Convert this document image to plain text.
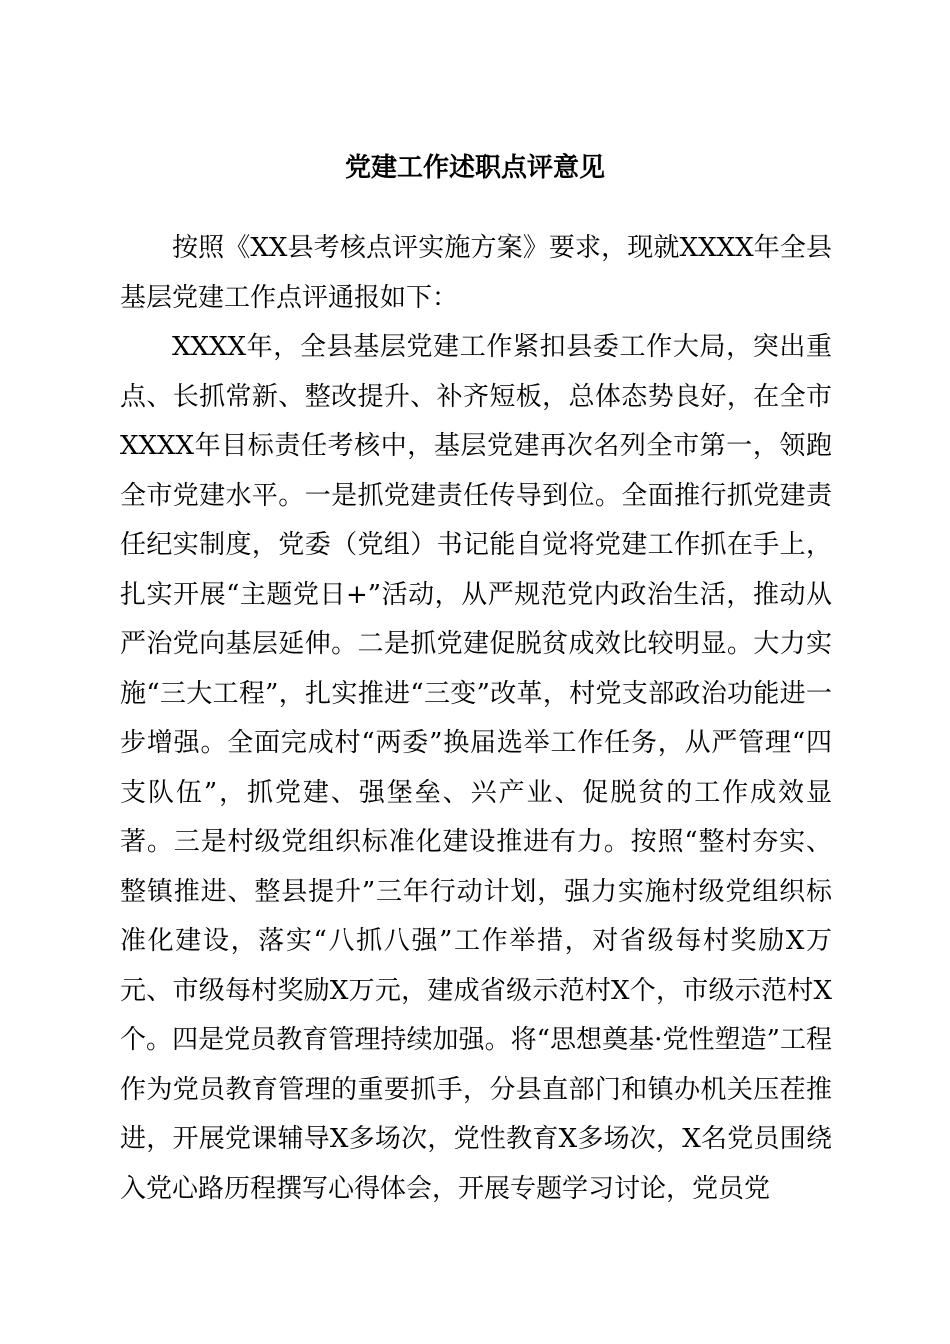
党建工作述职点评意见

按照《XX县考核点评实施方案》要求，现就XXXX年全县基层党建工作点评通报如下：

XXXX年，全县基层党建工作紧扣县委工作大局，突出重点、长抓常新、整改提升、补齐短板，总体态势良好，在全市XXXX年目标责任考核中，基层党建再次名列全市第一，领跑全市党建水平。一是抓党建责任传导到位。全面推行抓党建责任纪实制度，党委（党组）书记能自觉将党建工作抓在手上，扎实开展“主题党日+”活动，从严规范党内政治生活，推动从严治党向基层延伸。二是抓党建促脱贫成效比较明显。大力实施“三大工程”，扎实推进“三变”改革，村党支部政治功能进一步增强。全面完成村“两委”换届选举工作任务，从严管理“四支队伍”，抓党建、强堡垒、兴产业、促脱贫的工作成效显著。三是村级党组织标准化建设推进有力。按照“整村夯实、整镇推进、整县提升”三年行动计划，强力实施村级党组织标准化建设，落实“八抓八强”工作举措，对省级每村奖励X万元、市级每村奖励X万元，建成省级示范村X个，市级示范村X个。四是党员教育管理持续加强。将“思想奠基·党性塑造”工程作为党员教育管理的重要抓手，分县直部门和镇办机关压茬推进，开展党课辅导X多场次，党性教育X多场次，X名党员围绕入党心路历程撰写心得体会，开展专题学习讨论，党员党
